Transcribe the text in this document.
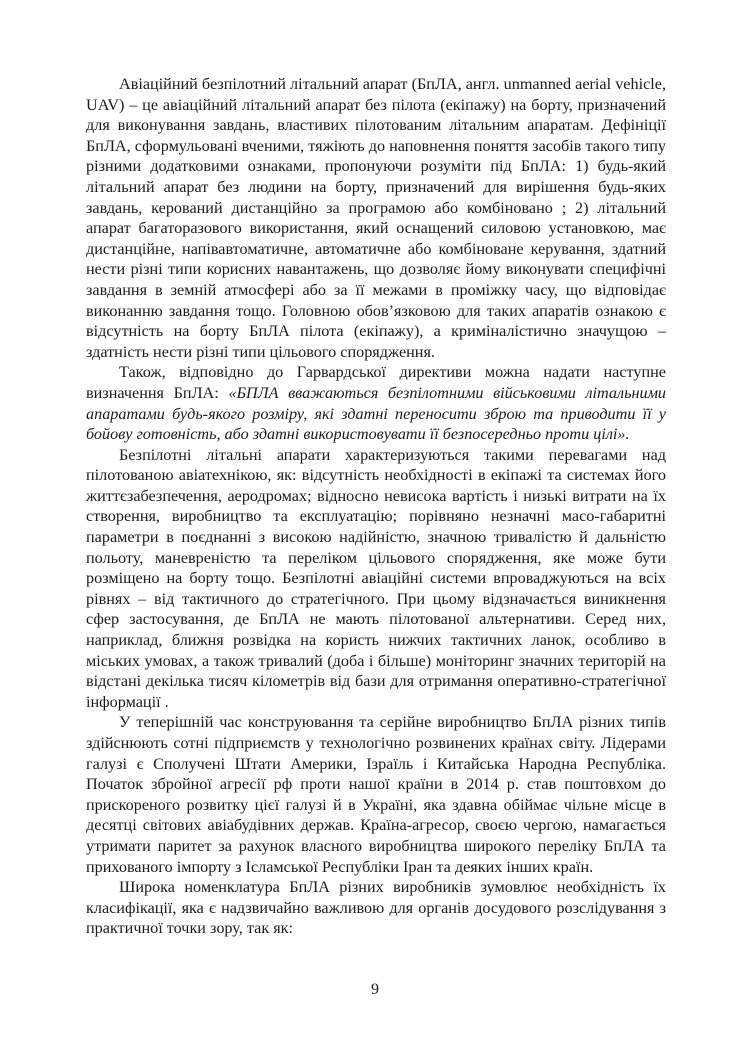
Авіаційний безпілотний літальний апарат (БпЛА, англ. unmanned aerial vehicle, UAV) – це авіаційний літальний апарат без пілота (екіпажу) на борту, призначений для виконування завдань, властивих пілотованим літальним апаратам. Дефініції БпЛА, сформульовані вченими, тяжіють до наповнення поняття засобів такого типу різними додатковими ознаками, пропонуючи розуміти під БпЛА: 1) будь-який літальний апарат без людини на борту, призначений для вирішення будь-яких завдань, керований дистанційно за програмою або комбіновано ; 2) літальний апарат багаторазового використання, який оснащений силовою установкою, має дистанційне, напівавтоматичне, автоматичне або комбіноване керування, здатний нести різні типи корисних навантажень, що дозволяє йому виконувати специфічні завдання в земній атмосфері або за її межами в проміжку часу, що відповідає виконанню завдання тощо. Головною обов’язковою для таких апаратів ознакою є відсутність на борту БпЛА пілота (екіпажу), а криміналістично значущою – здатність нести різні типи цільового спорядження.

Також, відповідно до Гарвардської директиви можна надати наступне визначення БпЛА: «БПЛА вважаються безпілотними військовими літальними апаратами будь-якого розміру, які здатні переносити зброю та приводити її у бойову готовність, або здатні використовувати її безпосередньо проти цілі».

Безпілотні літальні апарати характеризуються такими перевагами над пілотованою авіатехнікою, як: відсутність необхідності в екіпажі та системах його життєзабезпечення, аеродромах; відносно невисока вартість і низькі витрати на їх створення, виробництво та експлуатацію; порівняно незначні масо-габаритні параметри в поєднанні з високою надійністю, значною тривалістю й дальністю польоту, маневреністю та переліком цільового спорядження, яке може бути розміщено на борту тощо. Безпілотні авіаційні системи впроваджуються на всіх рівнях – від тактичного до стратегічного. При цьому відзначається виникнення сфер застосування, де БпЛА не мають пілотованої альтернативи. Серед них, наприклад, ближня розвідка на користь нижчих тактичних ланок, особливо в міських умовах, а також тривалий (доба і більше) моніторинг значних територій на відстані декілька тисяч кілометрів від бази для отримання оперативно-стратегічної інформації .

У теперішній час конструювання та серійне виробництво БпЛА різних типів здійснюють сотні підприємств у технологічно розвинених країнах світу. Лідерами галузі є Сполучені Штати Америки, Ізраїль і Китайська Народна Республіка. Початок збройної агресії рф проти нашої країни в 2014 р. став поштовхом до прискореного розвитку цієї галузі й в Україні, яка здавна обіймає чільне місце в десятці світових авіабудівних держав. Країна-агресор, своєю чергою, намагається утримати паритет за рахунок власного виробництва широкого переліку БпЛА та прихованого імпорту з Ісламської Республіки Іран та деяких інших країн.

Широка номенклатура БпЛА різних виробників зумовлює необхідність їх класифікації, яка є надзвичайно важливою для органів досудового розслідування з практичної точки зору, так як:

9
